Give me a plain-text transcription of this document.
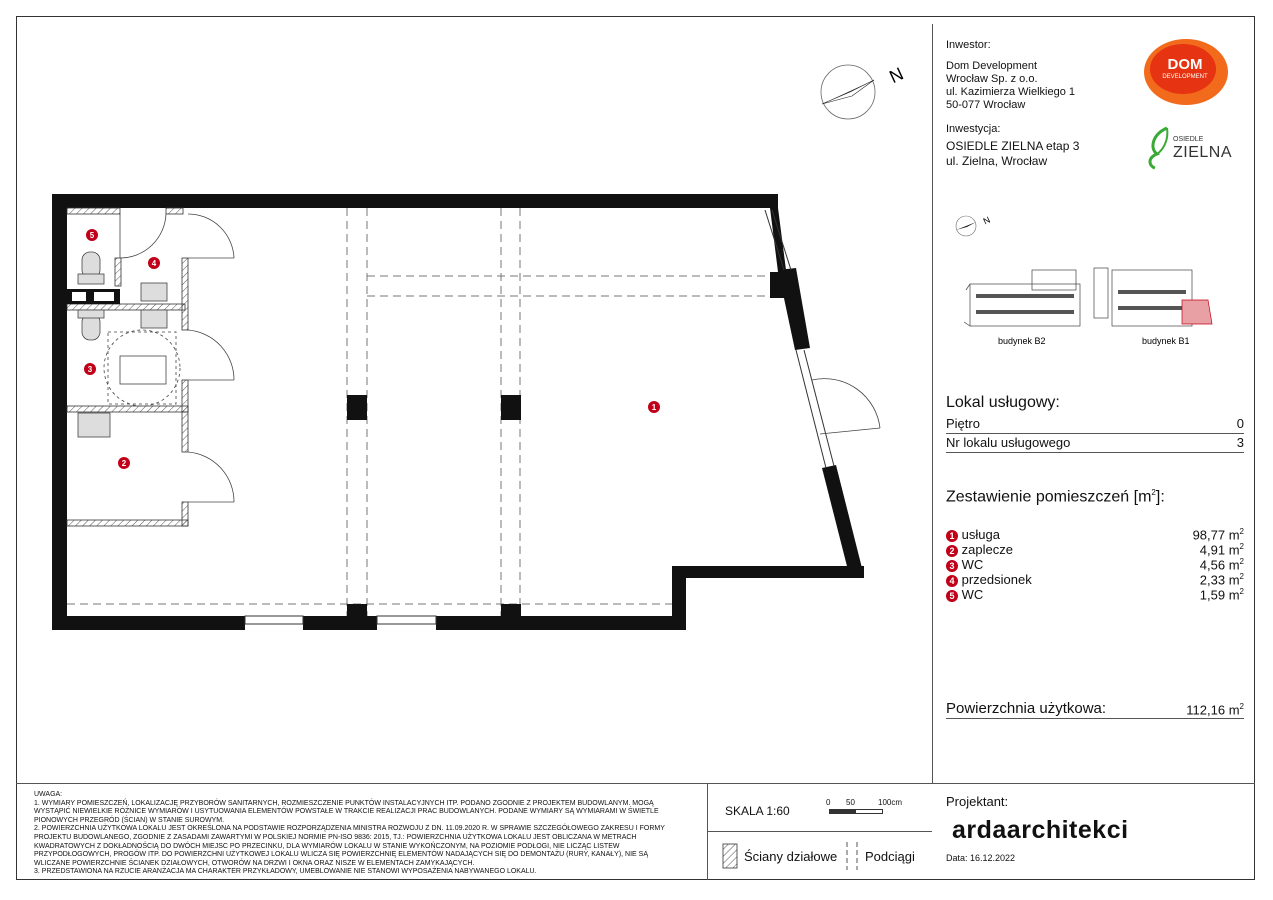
N
1
2
3
4
5
Inwestor:
Dom Development
Wrocław Sp. z o.o.
ul. Kazimierza Wielkiego 1
50-077 Wrocław
Inwestycja:
OSIEDLE ZIELNA etap 3
ul. Zielna, Wrocław
DOM
DEVELOPMENT
OSIEDLE
ZIELNA
N
budynek B2	budynek B1
Lokal usługowy:
Piętro	0
Nr lokalu usługowego	3
Zestawienie pomieszczeń $[m^2]$:
1 usługa	98,77 $m^2$
2 zaplecze	4,91 $m^2$
3 WC	4,56 $m^2$
4 przedsionek	2,33 $m^2$
5 WC	1,59 $m^2$
Powierzchnia użytkowa:	112,16 $m^2$
UWAGA:
1. WYMIARY POMIESZCZEŃ, LOKALIZACJĘ PRZYBORÓW SANITARNYCH, ROZMIESZCZENIE PUNKTÓW INSTALACYJNYCH ITP. PODANO ZGODNIE Z PROJEKTEM BUDOWLANYM. MOGĄ
WYSTĄPIĆ NIEWIELKIE RÓŻNICE WYMIARÓW I USYTUOWANIA ELEMENTÓW POWSTAŁE W TRAKCIE REALIZACJI PRAC BUDOWLANYCH. PODANE WYMIARY SĄ WYMIARAMI W ŚWIETLE
PIONOWYCH PRZEGRÓD (ŚCIAN) W STANIE SUROWYM.
2. POWIERZCHNIA UŻYTKOWA LOKALU JEST OKREŚLONA NA PODSTAWIE ROZPORZĄDZENIA MINISTRA ROZWOJU Z DN. 11.09.2020 R. W SPRAWIE SZCZEGÓŁOWEGO ZAKRESU I FORMY
PROJEKTU BUDOWLANEGO, ZGODNIE Z ZASADAMI ZAWARTYMI W POLSKIEJ NORMIE PN-ISO 9836: 2015, TJ.: POWIERZCHNIA UŻYTKOWA LOKALU JEST OBLICZANA W METRACH
KWADRATOWYCH Z DOKŁADNOŚCIĄ DO DWÓCH MIEJSC PO PRZECINKU, DLA WYMIARÓW LOKALU W STANIE WYKOŃCZONYM, NA POZIOMIE PODŁOGI, NIE LICZĄC LISTEW
PRZYPODŁOGOWYCH, PROGÓW ITP. DO POWIERZCHNI UŻYTKOWEJ LOKALU WLICZA SIĘ POWIERZCHNIĘ ELEMENTÓW NADAJĄCYCH SIĘ DO DEMONTAŻU (RURY, KANAŁY), NIE SĄ
WLICZANE POWIERZCHNIE ŚCIANEK DZIAŁOWYCH, OTWORÓW NA DRZWI I OKNA ORAZ NISZE W ELEMENTACH ZAMYKAJĄCYCH.
3. PRZEDSTAWIONA NA RZUCIE ARANŻACJA MA CHARAKTER PRZYKŁADOWY, UMEBLOWANIE NIE STANOWI WYPOSAŻENIA NABYWANEGO LOKALU.
SKALA 1:60
0 50	100cm
Ściany działowe Podciągi
Projektant:
ardaarchitekci
Data: 16.12.2022
